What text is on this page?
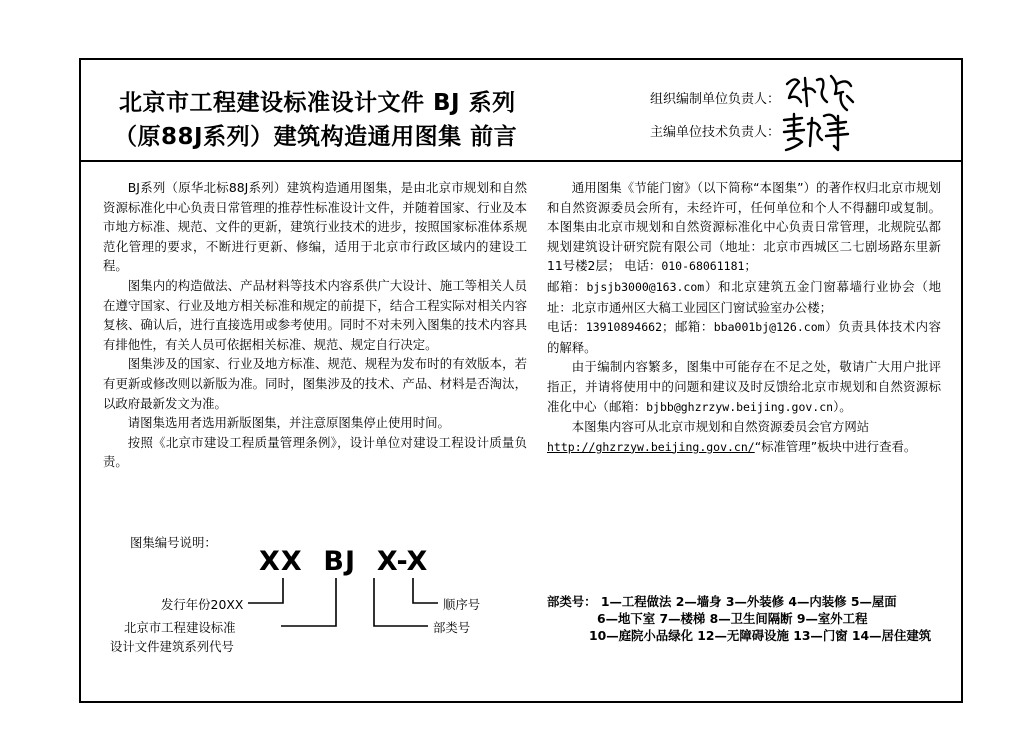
北京市工程建设标准设计文件 BJ 系列
（原88J系列）建筑构造通用图集 前言
组织编制单位负责人：
主编单位技术负责人：

BJ系列（原华北标88J系列）建筑构造通用图集，是由北京市规划和自然资源标准化中心负责日常管理的推荐性标准设计文件，并随着国家、行业及本市地方标准、规范、文件的更新，建筑行业技术的进步，按照国家标准体系规范化管理的要求，不断进行更新、修编，适用于北京市行政区域内的建设工程。

图集内的构造做法、产品材料等技术内容系供广大设计、施工等相关人员在遵守国家、行业及地方相关标准和规定的前提下，结合工程实际对相关内容复核、确认后，进行直接选用或参考使用。同时不对未列入图集的技术内容具有排他性，有关人员可依据相关标准、规范、规定自行决定。

图集涉及的国家、行业及地方标准、规范、规程为发布时的有效版本，若有更新或修改则以新版为准。同时，图集涉及的技术、产品、材料是否淘汰，以政府最新发文为准。

请图集选用者选用新版图集，并注意原图集停止使用时间。

按照《北京市建设工程质量管理条例》，设计单位对建设工程设计质量负责。

通用图集《节能门窗》（以下简称“本图集”）的著作权归北京市规划和自然资源委员会所有，未经许可，任何单位和个人不得翻印或复制。本图集由北京市规划和自然资源标准化中心负责日常管理，北规院弘都规划建筑设计研究院有限公司（地址：北京市西城区二七剧场路东里新11号楼2层； 电话：010-68061181；
邮箱：bjsjb3000@163.com）和北京建筑五金门窗幕墙行业协会（地址：北京市通州区大稿工业园区门窗试验室办公楼；
电话：13910894662；邮箱：bba001bj@126.com）负责具体技术内容的解释。

由于编制内容繁多，图集中可能存在不足之处，敬请广大用户批评指正，并请将使用中的问题和建议及时反馈给北京市规划和自然资源标准化中心（邮箱：bjbb@ghzrzyw.beijing.gov.cn）。

本图集内容可从北京市规划和自然资源委员会官方网站
http://ghzrzyw.beijing.gov.cn/“标准管理”板块中进行查看。

图集编号说明：
XX  BJ  X-X
发行年份20XX
北京市工程建设标准
设计文件建筑系列代号
顺序号
部类号
部类号： 1—工程做法 2—墙身 3—外装修 4—内装修 5—屋面
6—地下室 7—楼梯 8—卫生间隔断 9—室外工程
10—庭院小品绿化 12—无障碍设施 13—门窗 14—居住建筑
